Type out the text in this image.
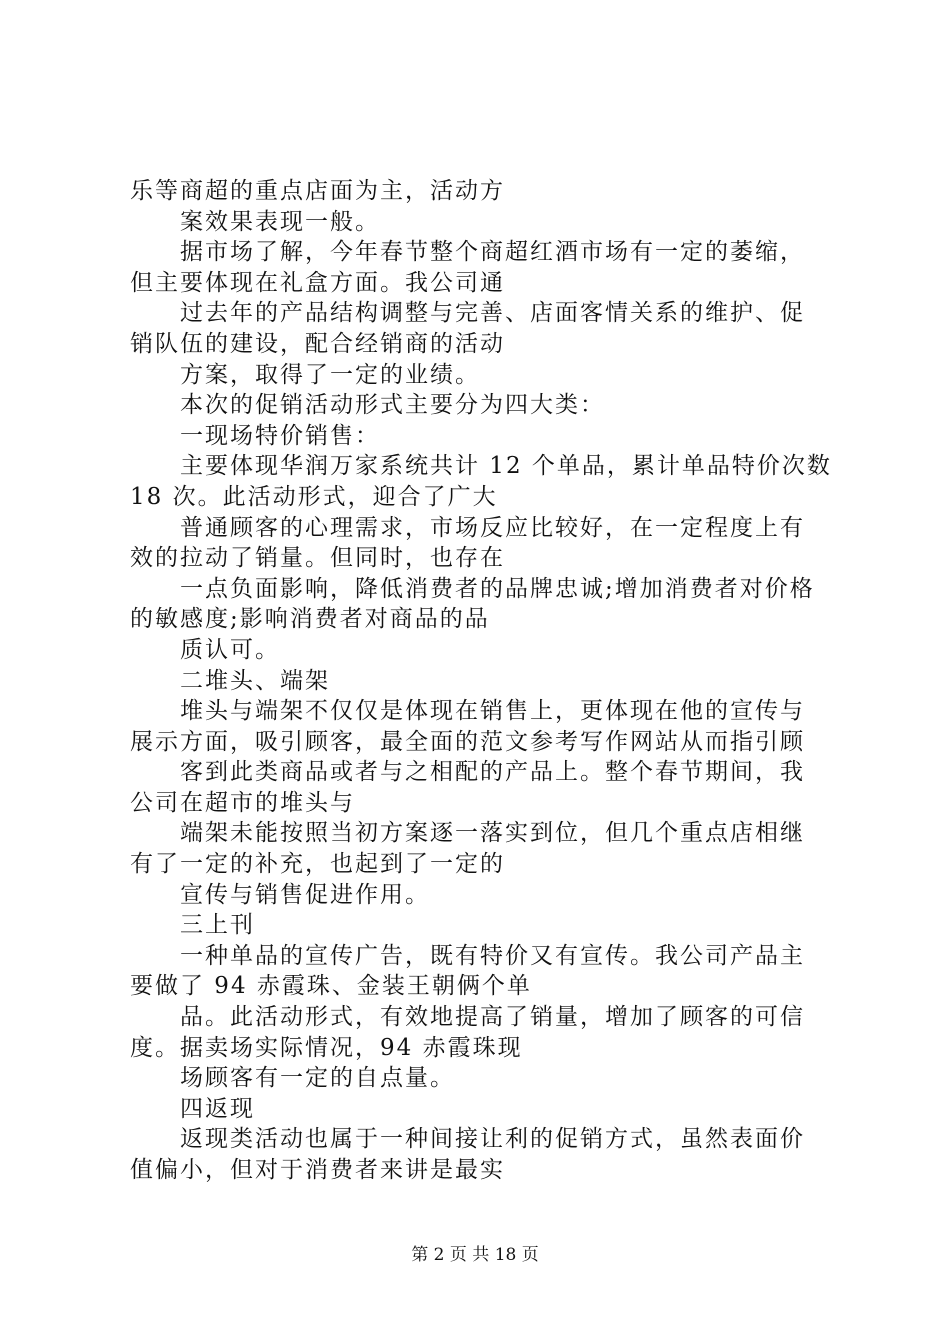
乐等商超的重点店面为主，活动方
案效果表现一般。
据市场了解，今年春节整个商超红酒市场有一定的萎缩，
但主要体现在礼盒方面。我公司通
过去年的产品结构调整与完善、店面客情关系的维护、促
销队伍的建设，配合经销商的活动
方案，取得了一定的业绩。
本次的促销活动形式主要分为四大类：
一现场特价销售：
主要体现华润万家系统共计 12 个单品，累计单品特价次数
18 次。此活动形式，迎合了广大
普通顾客的心理需求，市场反应比较好，在一定程度上有
效的拉动了销量。但同时，也存在
一点负面影响，降低消费者的品牌忠诚;增加消费者对价格
的敏感度;影响消费者对商品的品
质认可。
二堆头、端架
堆头与端架不仅仅是体现在销售上，更体现在他的宣传与
展示方面，吸引顾客，最全面的范文参考写作网站从而指引顾
客到此类商品或者与之相配的产品上。整个春节期间，我
公司在超市的堆头与
端架未能按照当初方案逐一落实到位，但几个重点店相继
有了一定的补充，也起到了一定的
宣传与销售促进作用。
三上刊
一种单品的宣传广告，既有特价又有宣传。我公司产品主
要做了 94 赤霞珠、金装王朝俩个单
品。此活动形式，有效地提高了销量，增加了顾客的可信
度。据卖场实际情况，94 赤霞珠现
场顾客有一定的自点量。
四返现
返现类活动也属于一种间接让利的促销方式，虽然表面价
值偏小，但对于消费者来讲是最实
第 2 页 共 18 页
